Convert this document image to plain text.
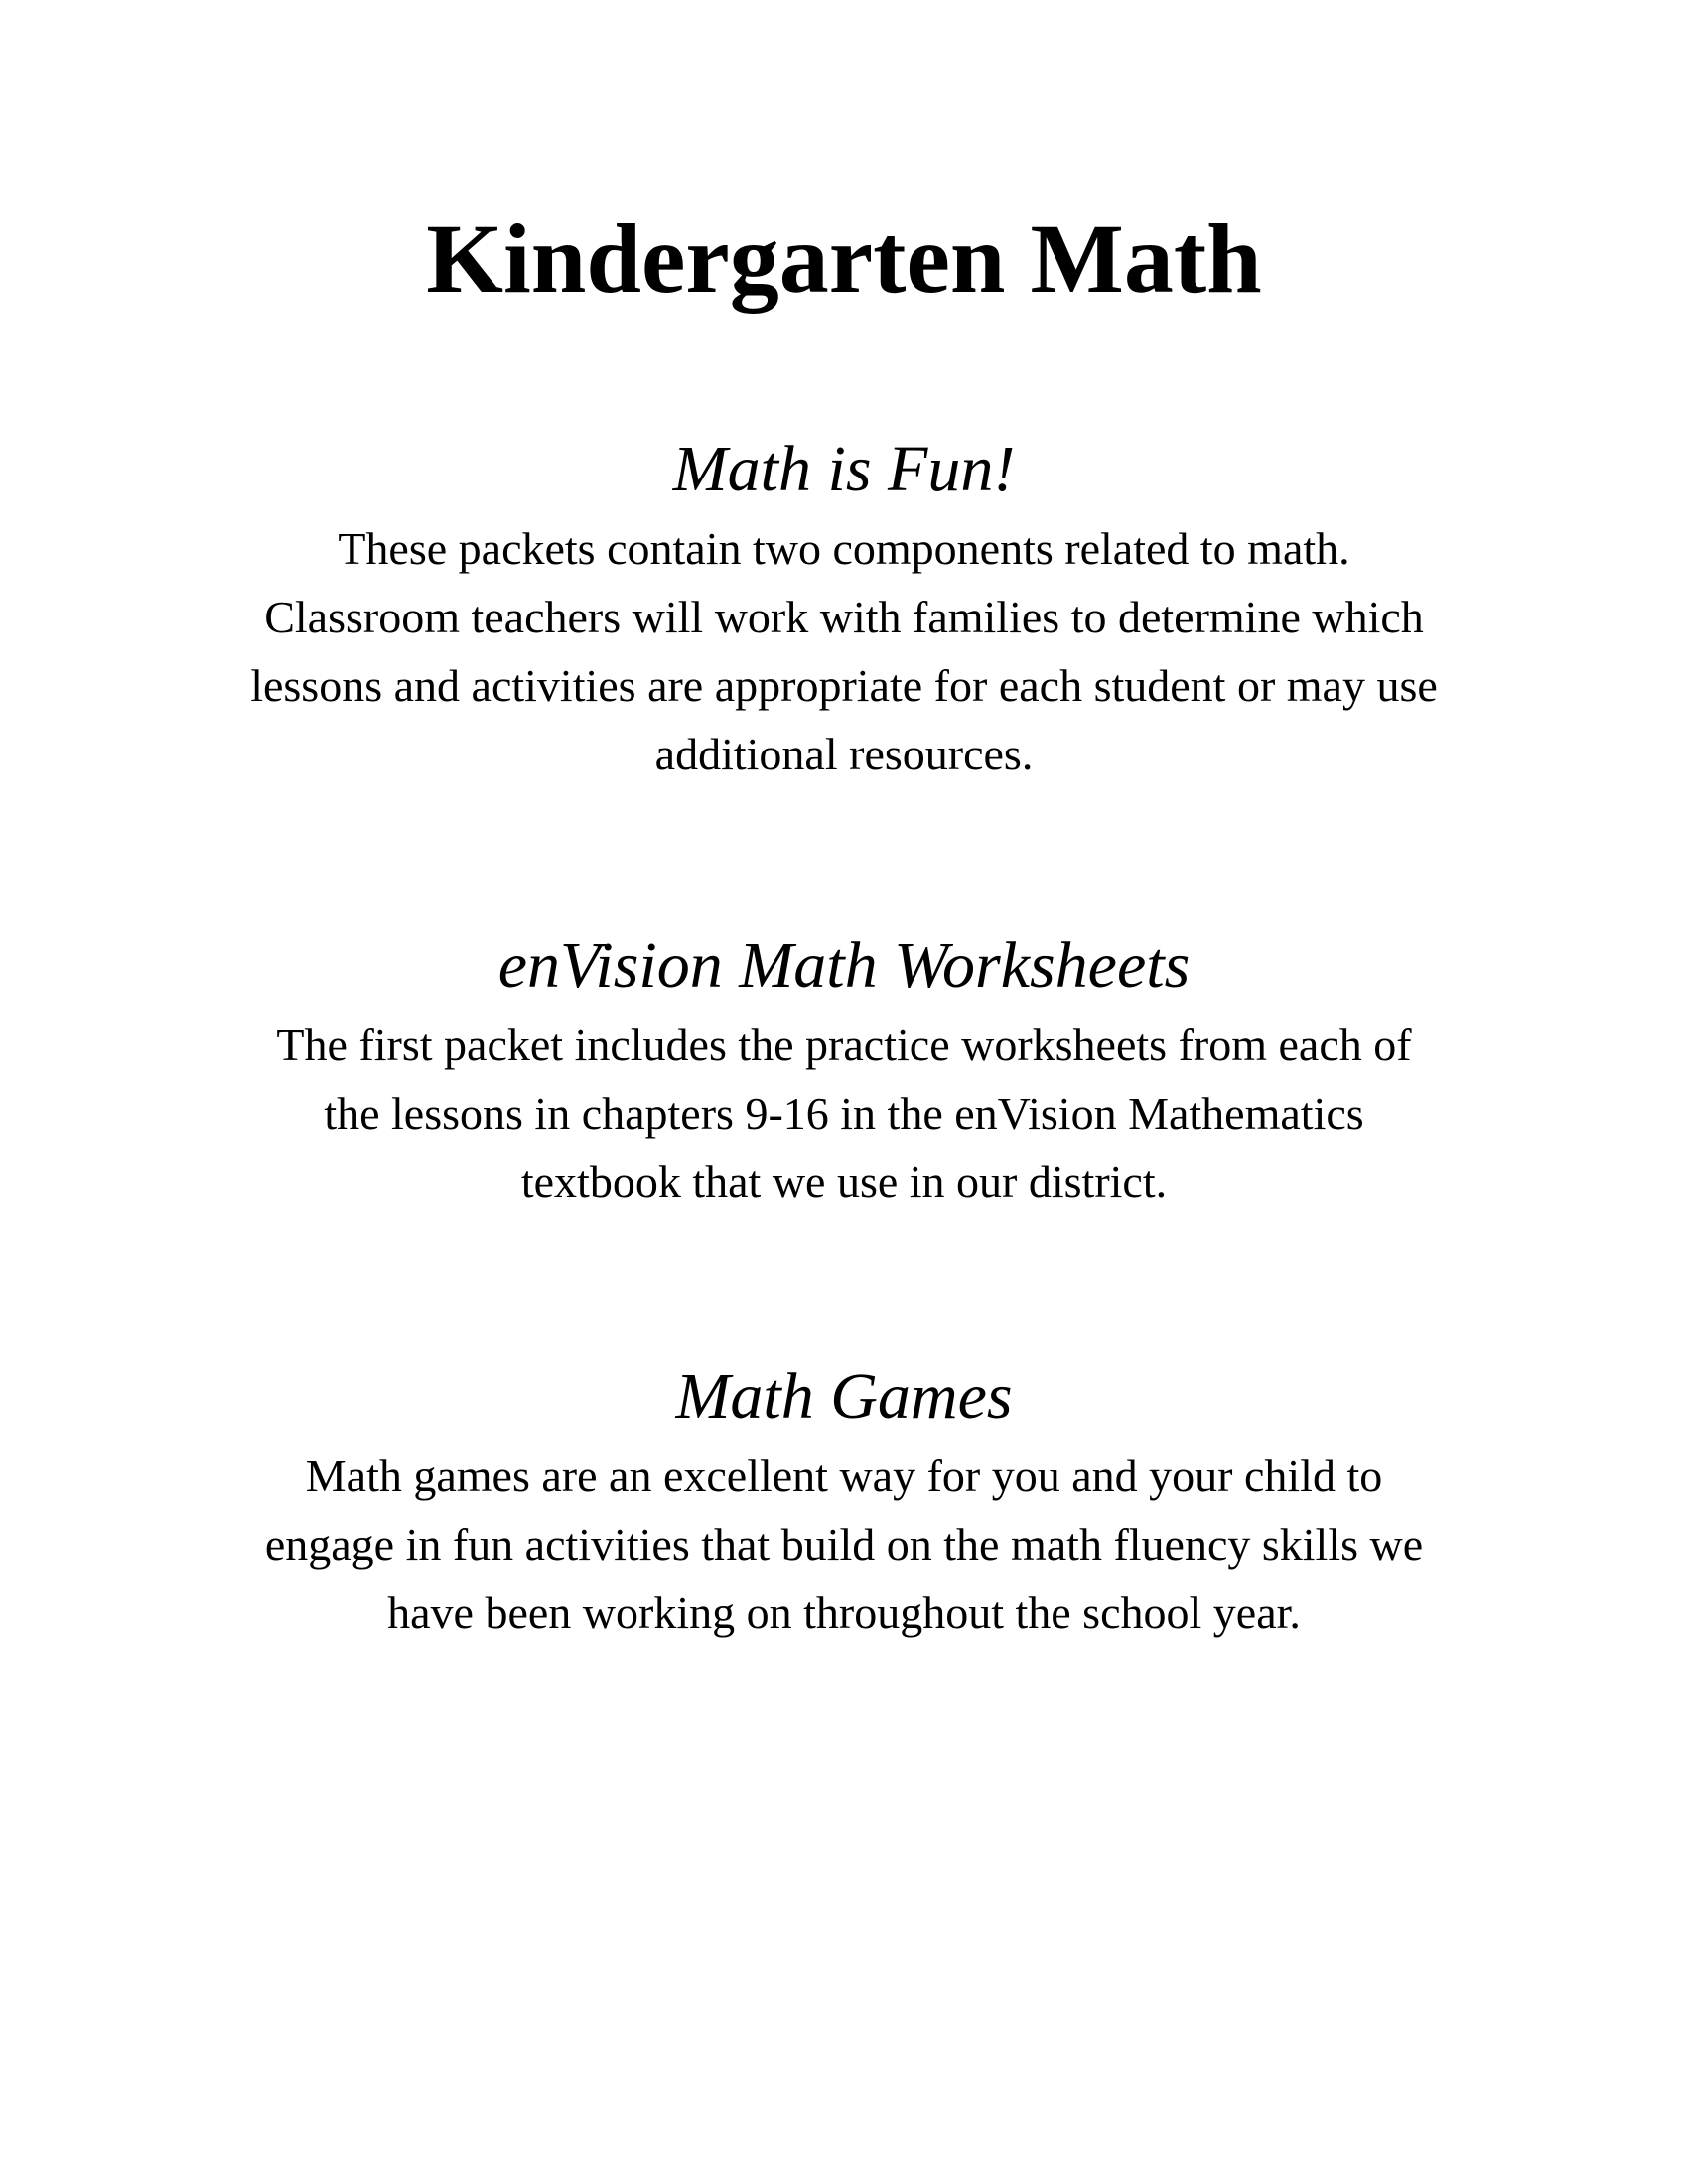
Kindergarten Math
Math is Fun!

These packets contain two components related to math.
Classroom teachers will work with families to determine which
lessons and activities are appropriate for each student or may use
additional resources.

enVision Math Worksheets

The first packet includes the practice worksheets from each of
the lessons in chapters 9-16 in the enVision Mathematics
textbook that we use in our district.

Math Games

Math games are an excellent way for you and your child to
engage in fun activities that build on the math fluency skills we
have been working on throughout the school year.
